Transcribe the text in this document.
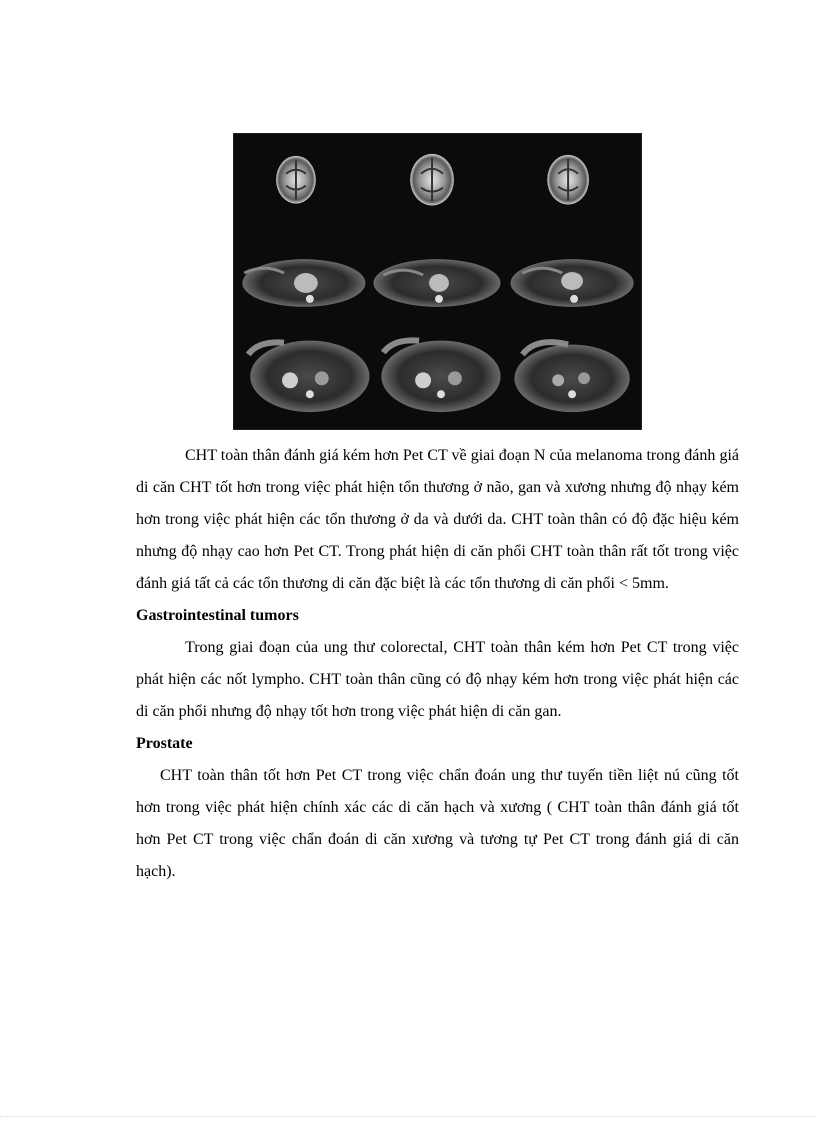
CHT toàn thân đánh giá kém hơn Pet CT về giai đoạn N của melanoma trong đánh giá di căn CHT tốt hơn trong việc phát hiện tổn thương ở não, gan và xương nhưng độ nhạy kém hơn trong việc phát hiện các tổn thương ở da và dưới da. CHT toàn thân có độ đặc hiệu kém nhưng độ nhạy cao hơn Pet CT. Trong phát hiện di căn phổi CHT toàn thân rất tốt trong việc đánh giá tất cả các tổn thương di căn đặc biệt là các tổn thương di căn phổi < 5mm.

Gastrointestinal tumors

Trong giai đoạn của ung thư colorectal, CHT toàn thân kém hơn Pet CT trong việc phát hiện các nốt lympho. CHT toàn thân cũng có độ nhạy kém hơn trong việc phát hiện các di căn phổi nhưng độ nhạy tốt hơn trong việc phát hiện di căn gan.

Prostate

CHT toàn thân tốt hơn Pet CT trong việc chẩn đoán ung thư tuyến tiền liệt nú cũng tốt hơn trong việc phát hiện chính xác các di căn hạch và xương ( CHT toàn thân đánh giá tốt hơn Pet CT trong việc chẩn đoán di căn xương và tương tự Pet CT trong đánh giá di căn hạch).
